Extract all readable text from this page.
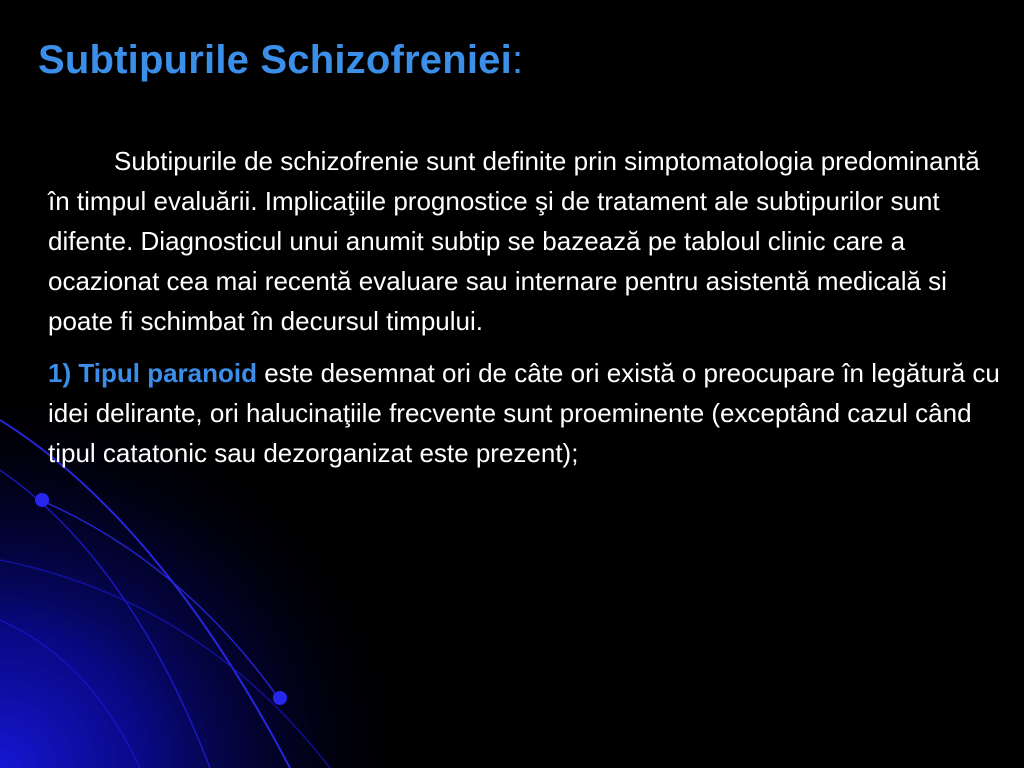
Subtipurile Schizofreniei:

Subtipurile de schizofrenie sunt definite prin simptomatologia predominantă în timpul evaluării. Implicaţiile prognostice şi de tratament ale subtipurilor sunt difente. Diagnosticul unui anumit subtip se bazează pe tabloul clinic care a ocazionat cea mai recentă evaluare sau internare pentru asistentă medicală si poate fi schimbat în decursul timpului.

1) Tipul paranoid este desemnat ori de câte ori există o preocupare în legătură cu idei delirante, ori halucinaţiile frecvente sunt proeminente (exceptând cazul când tipul catatonic sau dezorganizat este prezent);
